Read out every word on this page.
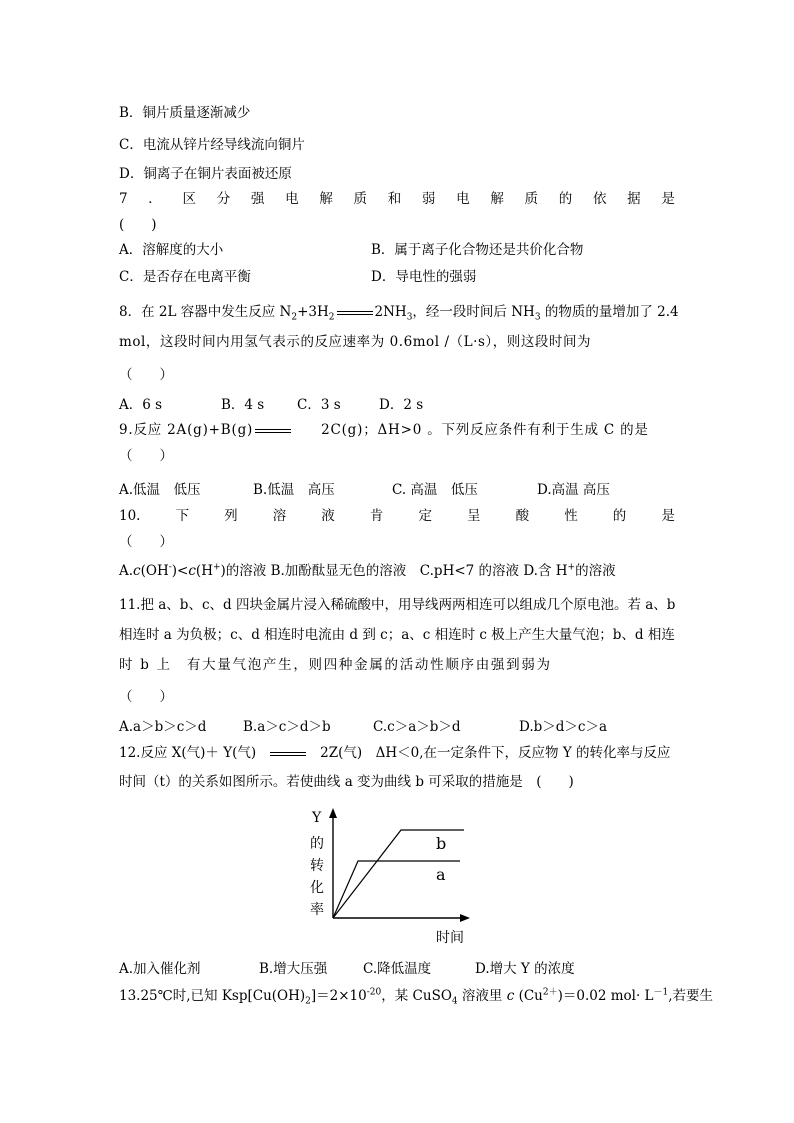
B．铜片质量逐渐减少
C．电流从锌片经导线流向铜片
D．铜离子在铜片表面被还原
7 ． 区 分 强 电 解 质 和 弱 电 解 质 的 依 据 是
(　　)
A．溶解度的大小	B．属于离子化合物还是共价化合物
C．是否存在电离平衡	D．导电性的强弱
8．在 2L 容器中发生反应 $N_2+3H_2$	$2NH_3$，经一段时间后 $NH_3$ 的物质的量增加了 2.4
mol，这段时间内用氢气表示的反应速率为 0.6mol /（L·s），则这段时间为
（　　）
A．6 s	B．4 s C．3 s	D．2 s
9.反应 2A(g)+B(g)	2C(g)；ΔH>0 。下列反应条件有利于生成 C 的是
（　　）
A.低温　低压	B.低温　高压	C. 高温　低压	D.高温 高压
10.	下	列	溶	液	肯	定	呈	酸	性	的	是
（　　）
A.c(OH-)<c(H+)的溶液 B.加酚酞显无色的溶液　C.pH<7 的溶液 D.含 H+的溶液
11.把 a、b、c、d 四块金属片浸入稀硫酸中，用导线两两相连可以组成几个原电池。若 a、b
相连时 a 为负极；c、d 相连时电流由 d 到 c；a、c 相连时 c 极上产生大量气泡；b、d 相连
时 b 上　有大量气泡产生，则四种金属的活动性顺序由强到弱为
（　　）
A.a＞b＞c＞d	B.a＞c＞d＞b	C.c＞a＞b＞d	D.b＞d＞c＞a
12.反应 X(气)＋ Y(气)	2Z(气)　ΔH＜0,在一定条件下，反应物 Y 的转化率与反应
时间（t）的关系如图所示。若使曲线 a 变为曲线 b 可采取的措施是　(　　)
Y
的
转
化
率
b
a
时间
A.加入催化剂	B.增大压强	C.降低温度	D.增大 Y 的浓度
13.25℃时,已知 $Ksp[Cu(OH)_2]=2\times 10^{-20}$，某 CuSO$_4$ 溶液里 c $(Cu^{2+})=0.02$ $mol\cdot L^{-1}$,若要生
